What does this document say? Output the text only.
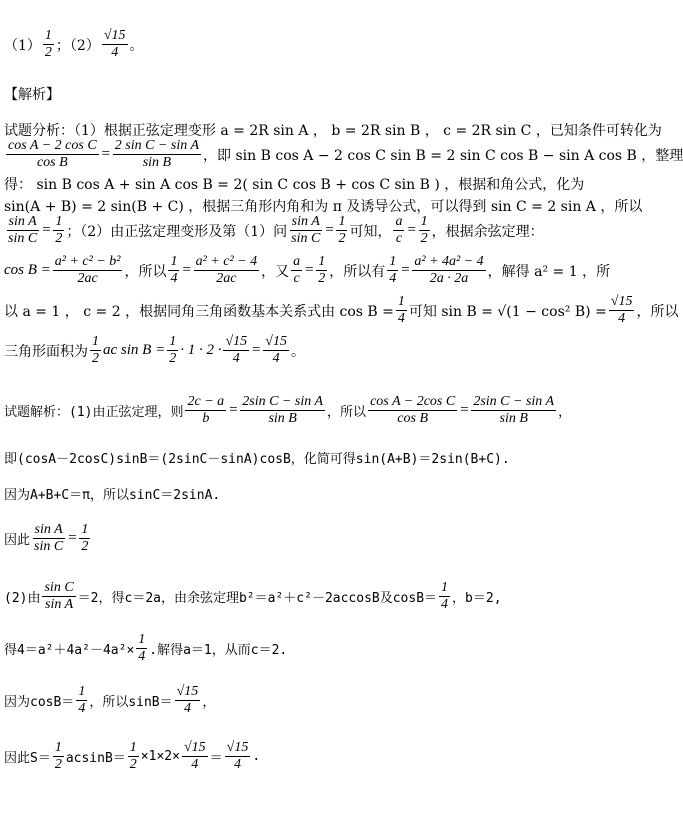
$(1) \frac{1}{2}$ ；$(2) \frac{√15}{4}$ 。
【解析】
试题分析：（1）根据正弦定理变形 a = 2R sin A ， b = 2R sin B ， c = 2R sin C ，已知条件可转化为
$\frac{\text{cos A − 2 cos C}}{\text{cos B}} = \frac{\text{2 sin C − sin A}}{\text{sin B}}$ ，即 sin B cos A − 2 cos C sin B = 2 sin C cos B − sin A cos B ，整理
得： sin B cos A + sin A cos B = 2( sin C cos B + cos C sin B ) ，根据和角公式，化为
sin(A + B) = 2 sin(B + C) ，根据三角形内角和为 π 及诱导公式，可以得到 sin C = 2 sin A ，所以
$\frac{\text{sin A}}{\text{sin C}} = \frac{1}{2}$ ；（2）由正弦定理变形及第（1）问 $\frac{\text{sin A}}{\text{sin C}} = \frac{1}{2}$ 可知， $\frac{a}{c} = \frac{1}{2}$ ，根据余弦定理：
$\cos B = \frac{\text{a² + c² − b²}}{2ac}$ ，所以 $\frac{1}{4} = \frac{\text{a² + c² − 4}}{2ac}$ ，又 $\frac{a}{c} = \frac{1}{2}$ ，所以有 $\frac{1}{4} = \frac{\text{a² + 4a² − 4}}{2a \cdot 2a}$ ，解得 a² = 1 ，所
以 a = 1 ， c = 2 ，根据同角三角函数基本关系式由 $\cos B = \frac{1}{4}$ 可知 sin B = √(1 − cos² $B) = \frac{√15}{4}$ ，所以
三角形面积为 $\frac{1}{2}$ ac $\sin B = \frac{1}{2} \cdot 1 \cdot 2 \cdot \frac{√15}{4} = \frac{√15}{4}$ 。
试题解析：(1)由正弦定理，则 $\frac{2c - a}{b} = \frac{\text{2sin C − sin A}}{\text{sin B}}$ ，所以 $\frac{\text{cos A − 2cos C}}{\text{cos B}} = \frac{\text{2sin C − sin A}}{\text{sin B}}$ ，
即(cosA－2cosC)sinB＝(2sinC－sinA)cosB，化简可得sin(A+B)＝2sin(B+C).
因为A+B+C＝π，所以sinC＝2sinA.
因此 $\frac{\text{sin A}}{\text{sin C}} = \frac{1}{2}$
(2)由 $\frac{\text{sin C}}{\text{sin A}} =2$，得c＝2a，由余弦定理b²＝a²＋c²－2accosB及$\cos B= \frac{1}{4}$ ，b＝2,
得$4=a^2+4a^2-4a^2\times \frac{1}{4}$ .解得a＝1，从而c＝2.
因为$\cos B= \frac{1}{4}$ ，所以$\sin B= \frac{√15}{4}$ ，
因此$S= \frac{1}{2} acsinB= \frac{1}{2} \times 1\times 2\times \frac{√15}{4} = \frac{√15}{4}$ .
